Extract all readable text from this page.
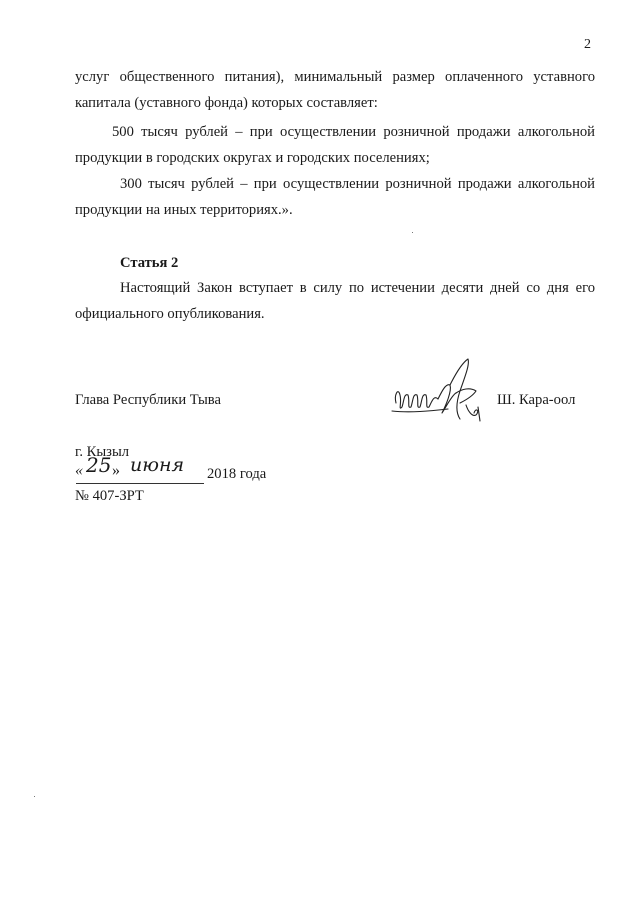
2
услуг общественного питания), минимальный размер оплаченного уставного
капитала (уставного фонда) которых составляет:
500 тысяч рублей – при осуществлении розничной продажи алкогольной
продукции в городских округах и городских поселениях;
300 тысяч рублей – при осуществлении розничной продажи алкогольной
продукции на иных территориях.».
Статья 2
Настоящий Закон вступает в силу по истечении десяти дней со дня его
официального опубликования.
Глава Республики Тыва	Ш. Кара-оол
г. Кызыл
« 25 » июня 2018 года
№ 407-ЗРТ
